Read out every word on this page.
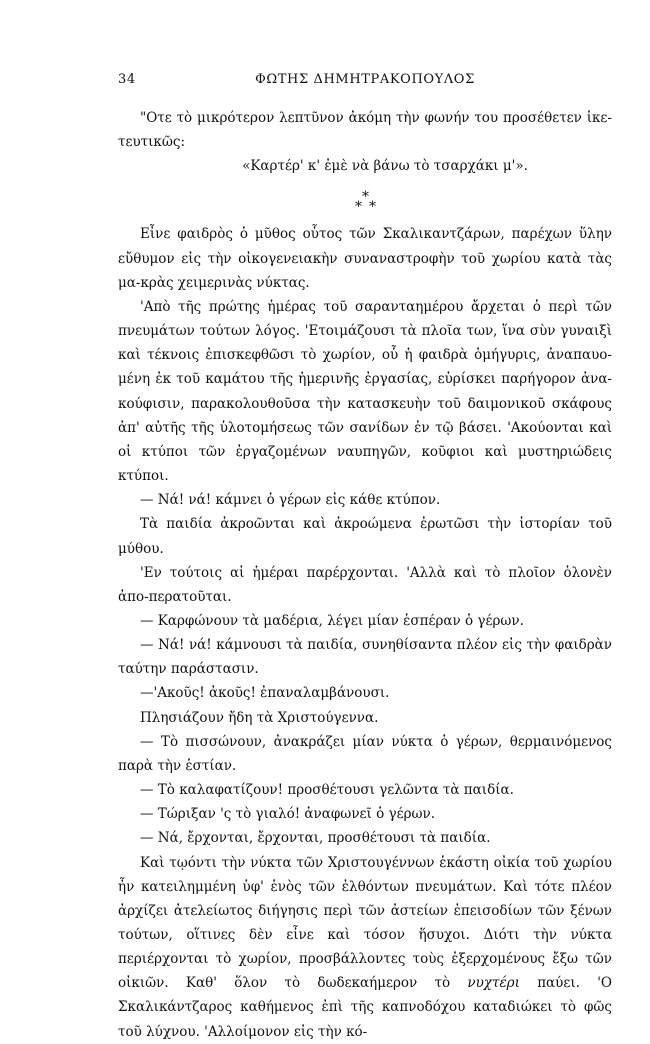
34	ΦΩΤΗΣ ΔΗΜΗΤΡΑΚΟΠΟΥΛΟΣ
"Οτε τὸ μικρότερον λεπτῦνον ἀκόμη τὴν φωνήν του προσέθετεν ἱκε-τευτικῶς:
«Καρτέρ' κ' ἐμὲ νὰ βάνω τὸ τσαρχάκι μ'».
*
* *
Εἶνε φαιδρὸς ὁ μῦθος οὗτος τῶν Σκαλικαντζάρων, παρέχων ὕλην εὔθυμον εἰς τὴν οἰκογενειακὴν συναναστροφὴν τοῦ χωρίου κατὰ τὰς μα-κρὰς χειμερινὰς νύκτας.
'Απὸ τῆς πρώτης ἡμέρας τοῦ σαρανταημέρου ἄρχεται ὁ περὶ τῶν πνευμάτων τούτων λόγος. 'Ετοιμάζουσι τὰ πλοῖα των, ἵνα σὺν γυναιξὶ καὶ τέκνοις ἐπισκεφθῶσι τὸ χωρίον, οὗ ἡ φαιδρὰ ὁμήγυρις, ἀναπαυο-μένη ἐκ τοῦ καμάτου τῆς ἡμερινῆς ἐργασίας, εὑρίσκει παρήγορον ἀνα-κούφισιν, παρακολουθοῦσα τὴν κατασκευὴν τοῦ δαιμονικοῦ σκάφους ἀπ' αὐτῆς τῆς ὑλοτομήσεως τῶν σανίδων ἐν τῷ βάσει. 'Ακούονται καὶ οἱ κτύποι τῶν ἐργαζομένων ναυπηγῶν, κοῦφιοι καὶ μυστηριώδεις κτύποι.
— Νά! νά! κάμνει ὁ γέρων εἰς κάθε κτύπον.
Τὰ παιδία ἀκροῶνται καὶ ἀκροώμενα ἐρωτῶσι τὴν ἱστορίαν τοῦ μύθου.
'Εν τούτοις αἱ ἡμέραι παρέρχονται. 'Αλλὰ καὶ τὸ πλοῖον ὁλονὲν ἀπο-περατοῦται.
— Καρφώνουν τὰ μαδέρια, λέγει μίαν ἑσπέραν ὁ γέρων.
— Νά! νά! κάμνουσι τὰ παιδία, συνηθίσαντα πλέον εἰς τὴν φαιδρὰν ταύτην παράστασιν.
—'Ακοῦς! ἀκοῦς! ἐπαναλαμβάνουσι.
Πλησιάζουν ἤδη τὰ Χριστούγεννα.
— Τὸ πισσώνουν, ἀνακράζει μίαν νύκτα ὁ γέρων, θερμαινόμενος παρὰ τὴν ἑστίαν.
— Τὸ καλαφατίζουν! προσθέτουσι γελῶντα τὰ παιδία.
— Τώριξαν 'ς τὸ γιαλό! ἀναφωνεῖ ὁ γέρων.
— Νά, ἔρχονται, ἔρχονται, προσθέτουσι τὰ παιδία.
Καὶ τῳόντι τὴν νύκτα τῶν Χριστουγέννων ἑκάστη οἰκία τοῦ χωρίου ἦν κατειλημμένη ὑφ' ἑνὸς τῶν ἐλθόντων πνευμάτων. Καὶ τότε πλέον ἀρχίζει ἀτελείωτος διήγησις περὶ τῶν ἀστείων ἐπεισοδίων τῶν ξένων τούτων, οἵτινες δὲν εἶνε καὶ τόσον ἥσυχοι. Διότι τὴν νύκτα περιέρχονται τὸ χωρίον, προσβάλλοντες τοὺς ἐξερχομένους ἔξω τῶν οἰκιῶν. Καθ' ὅλον τὸ δωδεκαήμερον τὸ νυχτέρι παύει. 'Ο Σκαλικάντζαρος καθήμενος ἐπὶ τῆς καπνοδόχου καταδιώκει τὸ φῶς τοῦ λύχνου. 'Αλλοίμονον εἰς τὴν κό-
